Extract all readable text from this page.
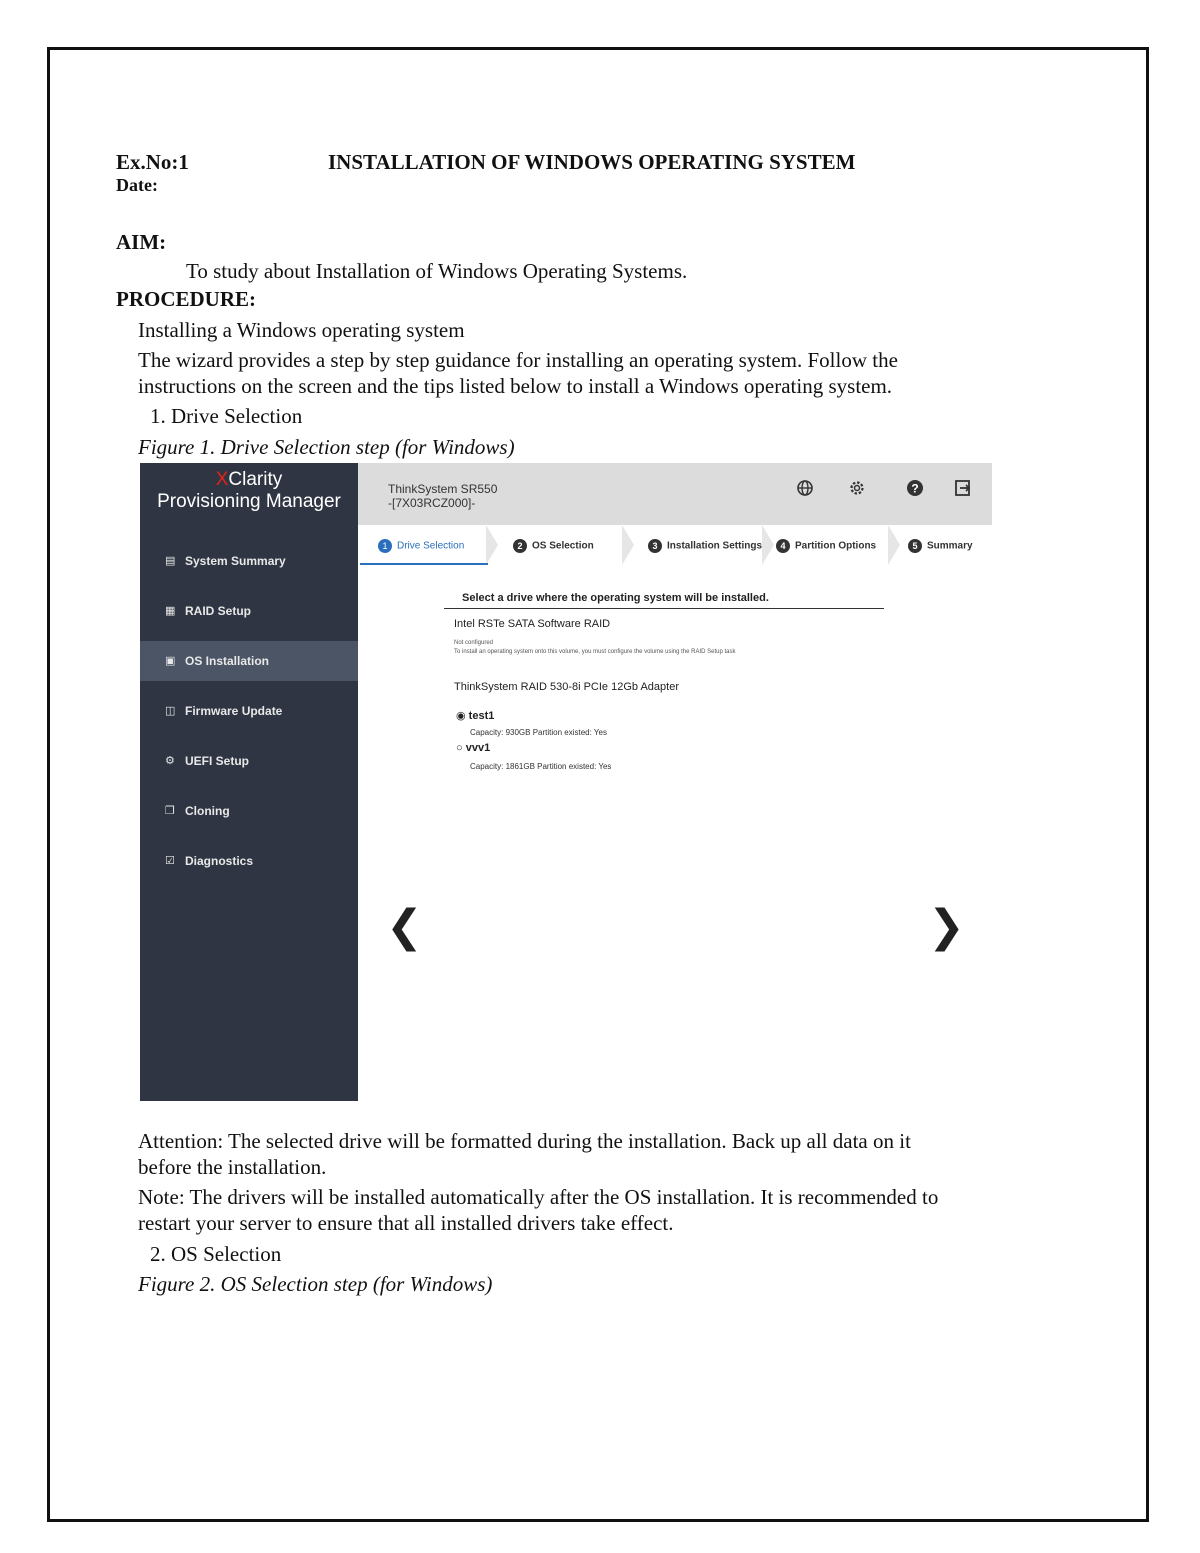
Ex.No:1	INSTALLATION OF WINDOWS OPERATING SYSTEM
Date:
AIM:
To study about Installation of Windows Operating Systems.
PROCEDURE:
Installing a Windows operating system
The wizard provides a step by step guidance for installing an operating system. Follow the
instructions on the screen and the tips listed below to install a Windows operating system.
1. Drive Selection
Figure 1. Drive Selection step (for Windows)
XClarity
Provisioning Manager
▤ System Summary
▦ RAID Setup
▣ OS Installation
◫ Firmware Update
⚙ UEFI Setup
❐ Cloning
☑ Diagnostics
ThinkSystem SR550
-[7X03RCZ000]-
?
1 Drive Selection	2 OS Selection	3 Installation Settings	4 Partition Options	5 Summary
Select a drive where the operating system will be installed.
Intel RSTe SATA Software RAID
Not configured
To install an operating system onto this volume, you must configure the volume using the RAID Setup task
ThinkSystem RAID 530-8i PCIe 12Gb Adapter
◉ test1
Capacity: 930GB Partition existed: Yes
○ vvv1
Capacity: 1861GB Partition existed: Yes
❮	❯
Attention: The selected drive will be formatted during the installation. Back up all data on it
before the installation.
Note: The drivers will be installed automatically after the OS installation. It is recommended to
restart your server to ensure that all installed drivers take effect.
2. OS Selection
Figure 2. OS Selection step (for Windows)
